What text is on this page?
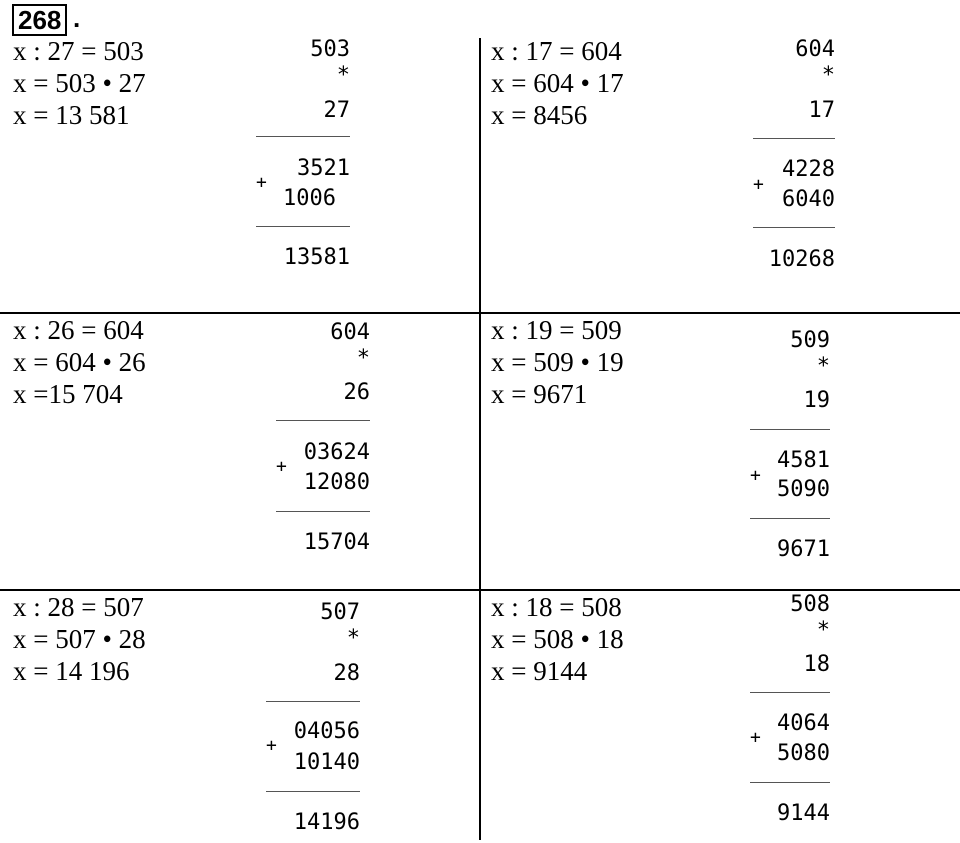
268 .
x : 27 = 503
x = 503 • 27
x = 13 581
503
*
27
+
3521
1006
13581
x : 17 = 604
x = 604 • 17
x = 8456
604
*
17
+
4228
6040
10268
x : 26 = 604
x = 604 • 26
x =15 704
604
*
26
+
03624
12080
15704
x : 19 = 509
x = 509 • 19
x = 9671
509
*
19
+
4581
5090
9671
x : 28 = 507
x = 507 • 28
x = 14 196
507
*
28
+
04056
10140
14196
x : 18 = 508
x = 508 • 18
x = 9144
508
*
18
+
4064
5080
9144
